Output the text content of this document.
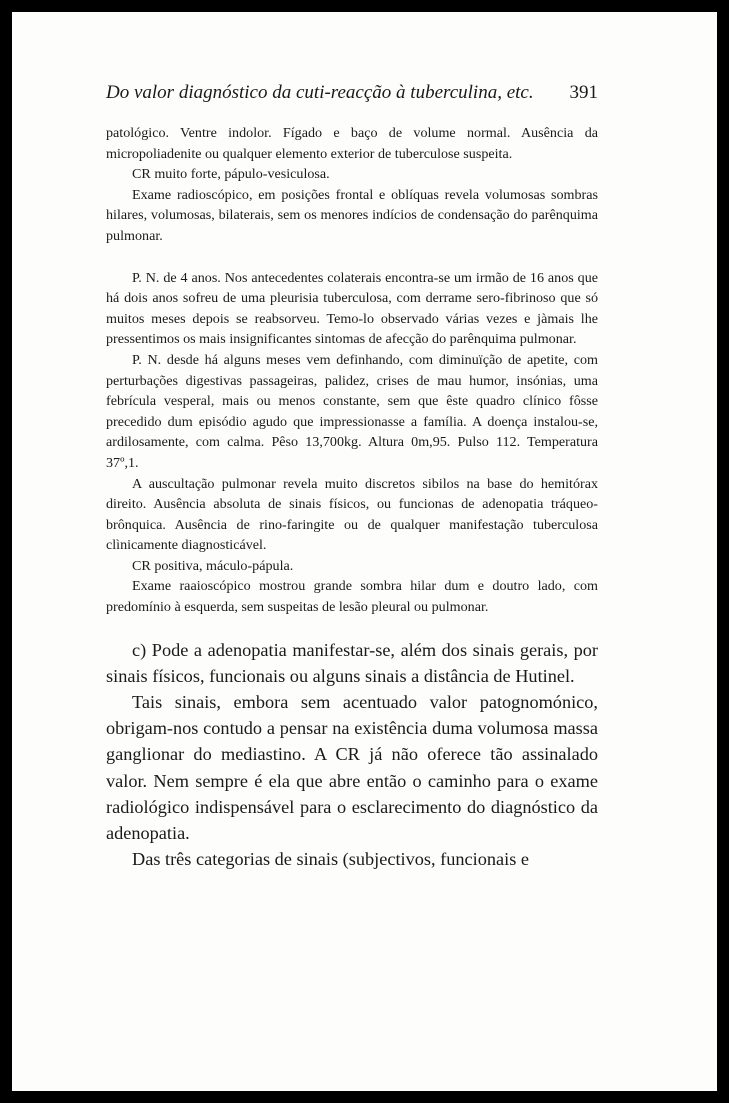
Do valor diagnóstico da cuti-reacção à tuberculina, etc. 391

patológico. Ventre indolor. Fígado e baço de volume normal. Ausência da micropoliadenite ou qualquer elemento exterior de tuberculose suspeita.

CR muito forte, pápulo-vesiculosa.

Exame radioscópico, em posições frontal e oblíquas revela volumosas sombras hilares, volumosas, bilaterais, sem os menores indícios de condensação do parênquima pulmonar.

P. N. de 4 anos. Nos antecedentes colaterais encontra-se um irmão de 16 anos que há dois anos sofreu de uma pleurisia tuberculosa, com derrame sero-fibrinoso que só muitos meses depois se reabsorveu. Temo-lo observado várias vezes e jàmais lhe pressentimos os mais insignificantes sintomas de afecção do parênquima pulmonar.

P. N. desde há alguns meses vem definhando, com diminuïção de apetite, com perturbações digestivas passageiras, palidez, crises de mau humor, insónias, uma febrícula vesperal, mais ou menos constante, sem que êste quadro clínico fôsse precedido dum episódio agudo que impressionasse a família. A doença instalou-se, ardilosamente, com calma. Pêso 13,700kg. Altura 0m,95. Pulso 112. Temperatura 37º,1.

A auscultação pulmonar revela muito discretos sibilos na base do hemitórax direito. Ausência absoluta de sinais físicos, ou funcionas de adenopatia tráqueo-brônquica. Ausência de rino-faringite ou de qualquer manifestação tuberculosa clìnicamente diagnosticável.

CR positiva, máculo-pápula.

Exame raaioscópico mostrou grande sombra hilar dum e doutro lado, com predomínio à esquerda, sem suspeitas de lesão pleural ou pulmonar.

c) Pode a adenopatia manifestar-se, além dos sinais gerais, por sinais físicos, funcionais ou alguns sinais a distância de Hutinel.

Tais sinais, embora sem acentuado valor patognomónico, obrigam-nos contudo a pensar na existência duma volumosa massa ganglionar do mediastino. A CR já não oferece tão assinalado valor. Nem sempre é ela que abre então o caminho para o exame radiológico indispensável para o esclarecimento do diagnóstico da adenopatia.

Das três categorias de sinais (subjectivos, funcionais e
